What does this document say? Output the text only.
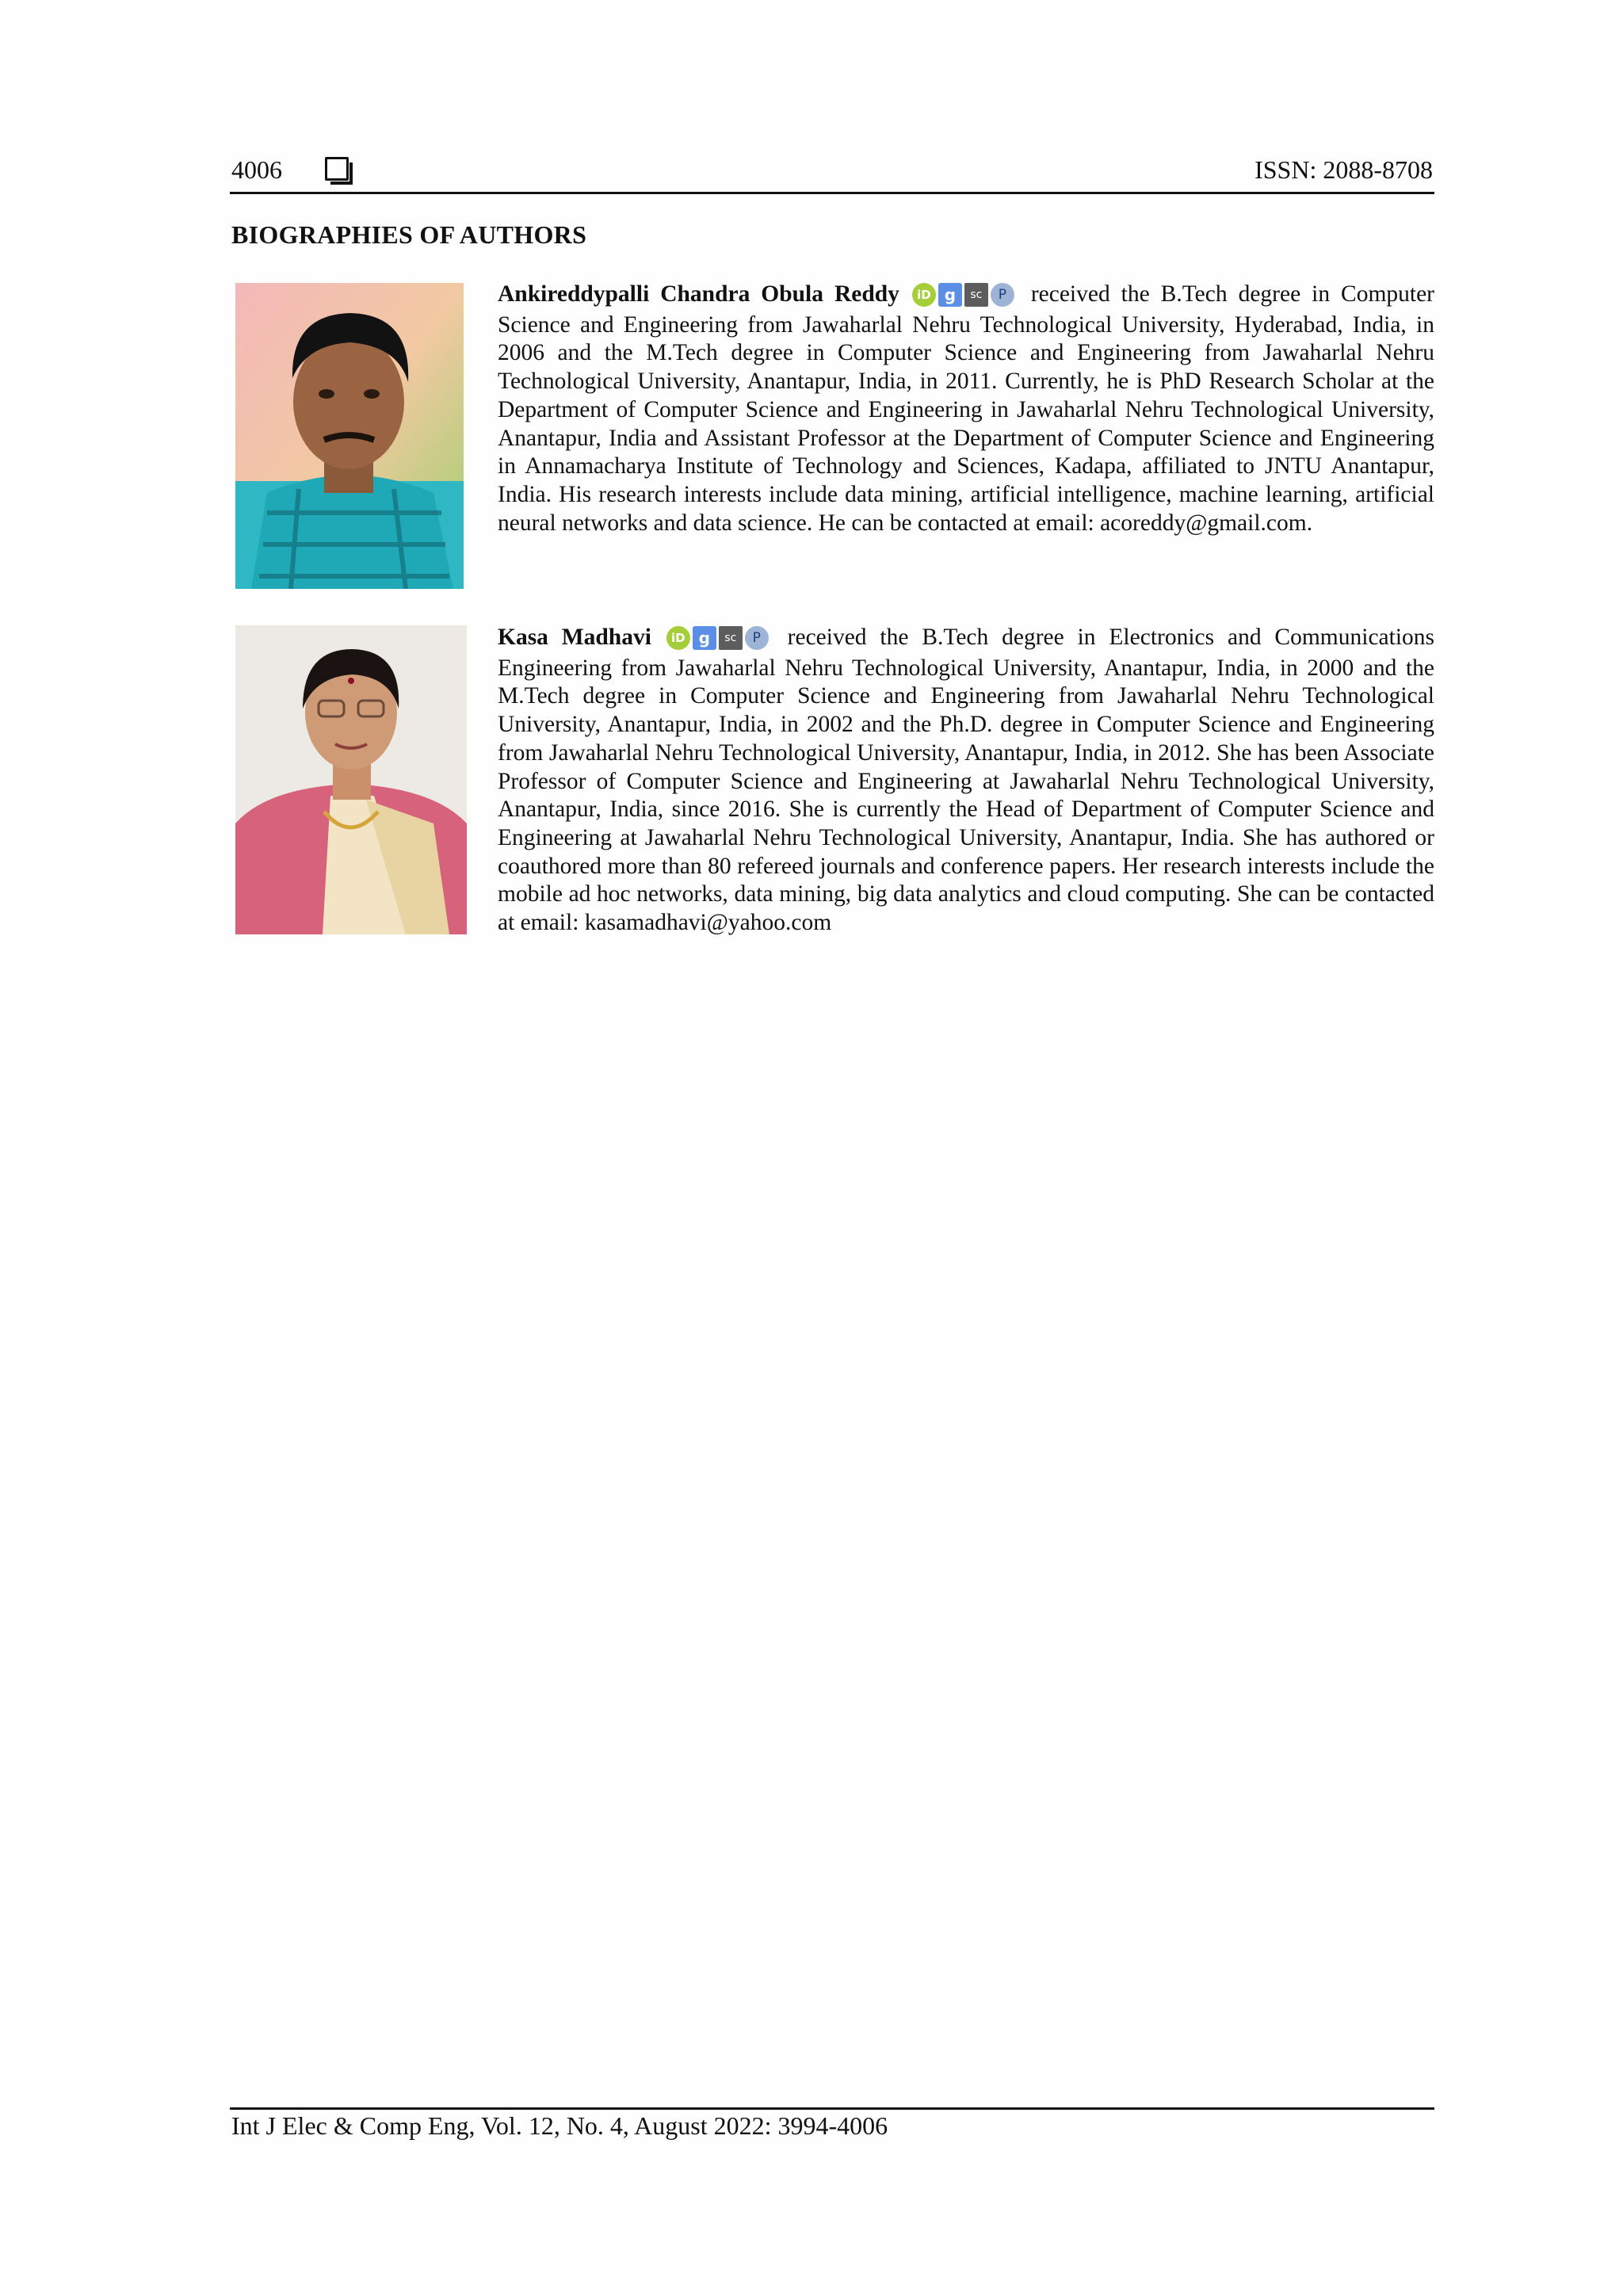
4006	ISSN: 2088-8708
BIOGRAPHIES OF AUTHORS
Ankireddypalli Chandra Obula Reddy iD g sc P received the B.Tech degree in Computer Science and Engineering from Jawaharlal Nehru Technological University, Hyderabad, India, in 2006 and the M.Tech degree in Computer Science and Engineering from Jawaharlal Nehru Technological University, Anantapur, India, in 2011. Currently, he is PhD Research Scholar at the Department of Computer Science and Engineering in Jawaharlal Nehru Technological University, Anantapur, India and Assistant Professor at the Department of Computer Science and Engineering in Annamacharya Institute of Technology and Sciences, Kadapa, affiliated to JNTU Anantapur, India. His research interests include data mining, artificial intelligence, machine learning, artificial neural networks and data science. He can be contacted at email: acoreddy@gmail.com.
Kasa Madhavi iD g sc P received the B.Tech degree in Electronics and Communications Engineering from Jawaharlal Nehru Technological University, Anantapur, India, in 2000 and the M.Tech degree in Computer Science and Engineering from Jawaharlal Nehru Technological University, Anantapur, India, in 2002 and the Ph.D. degree in Computer Science and Engineering from Jawaharlal Nehru Technological University, Anantapur, India, in 2012. She has been Associate Professor of Computer Science and Engineering at Jawaharlal Nehru Technological University, Anantapur, India, since 2016. She is currently the Head of Department of Computer Science and Engineering at Jawaharlal Nehru Technological University, Anantapur, India. She has authored or coauthored more than 80 refereed journals and conference papers. Her research interests include the mobile ad hoc networks, data mining, big data analytics and cloud computing. She can be contacted at email: kasamadhavi@yahoo.com
Int J Elec & Comp Eng, Vol. 12, No. 4, August 2022: 3994-4006
